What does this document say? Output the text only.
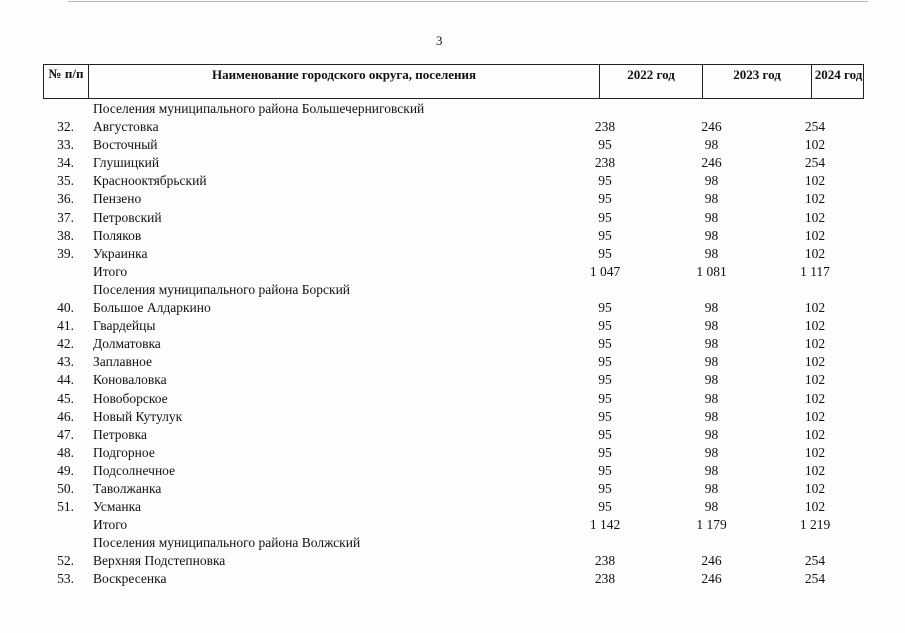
3
№ п/п	Наименование городского округа, поселения	2022 год	2023 год	2024 год
Поселения муниципального района Большечерниговский
32. Августовка	238	246	254
33. Восточный	95	98	102
34. Глушицкий	238	246	254
35. Краснооктябрьский	95	98	102
36. Пензено	95	98	102
37. Петровский	95	98	102
38. Поляков	95	98	102
39. Украинка	95	98	102
Итого	1 047	1 081	1 117
Поселения муниципального района Борский
40. Большое Алдаркино	95	98	102
41. Гвардейцы	95	98	102
42. Долматовка	95	98	102
43. Заплавное	95	98	102
44. Коноваловка	95	98	102
45. Новоборское	95	98	102
46. Новый Кутулук	95	98	102
47. Петровка	95	98	102
48. Подгорное	95	98	102
49. Подсолнечное	95	98	102
50. Таволжанка	95	98	102
51. Усманка	95	98	102
Итого	1 142	1 179	1 219
Поселения муниципального района Волжский
52. Верхняя Подстепновка	238	246	254
53. Воскресенка	238	246	254
